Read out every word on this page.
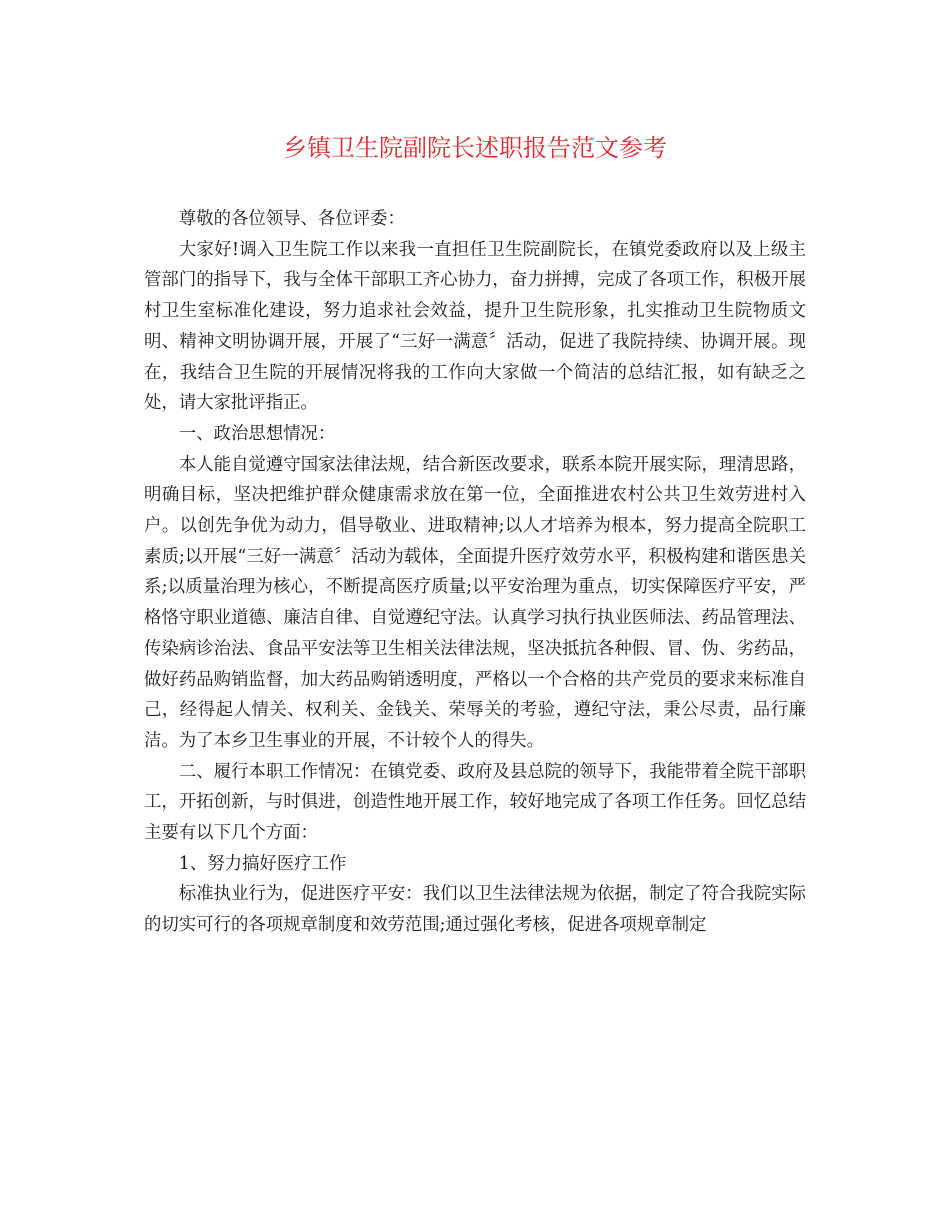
乡镇卫生院副院长述职报告范文参考

尊敬的各位领导、各位评委：

大家好!调入卫生院工作以来我一直担任卫生院副院长，在镇党委政府以及上级主管部门的指导下，我与全体干部职工齐心协力，奋力拼搏，完成了各项工作，积极开展村卫生室标准化建设，努力追求社会效益，提升卫生院形象，扎实推动卫生院物质文明、精神文明协调开展，开展了“三好一满意〞活动，促进了我院持续、协调开展。现在，我结合卫生院的开展情况将我的工作向大家做一个简洁的总结汇报，如有缺乏之处，请大家批评指正。

一、政治思想情况：

本人能自觉遵守国家法律法规，结合新医改要求，联系本院开展实际，理清思路，明确目标，坚决把维护群众健康需求放在第一位，全面推进农村公共卫生效劳进村入户。以创先争优为动力，倡导敬业、进取精神;以人才培养为根本，努力提高全院职工素质;以开展“三好一满意〞活动为载体，全面提升医疗效劳水平，积极构建和谐医患关系;以质量治理为核心，不断提高医疗质量;以平安治理为重点，切实保障医疗平安，严格恪守职业道德、廉洁自律、自觉遵纪守法。认真学习执行执业医师法、药品管理法、传染病诊治法、食品平安法等卫生相关法律法规，坚决抵抗各种假、冒、伪、劣药品，做好药品购销监督，加大药品购销透明度，严格以一个合格的共产党员的要求来标准自己，经得起人情关、权利关、金钱关、荣辱关的考验，遵纪守法，秉公尽责，品行廉洁。为了本乡卫生事业的开展，不计较个人的得失。

二、履行本职工作情况：在镇党委、政府及县总院的领导下，我能带着全院干部职工，开拓创新，与时俱进，创造性地开展工作，较好地完成了各项工作任务。回忆总结主要有以下几个方面：

1、努力搞好医疗工作

标准执业行为，促进医疗平安：我们以卫生法律法规为依据，制定了符合我院实际的切实可行的各项规章制度和效劳范围;通过强化考核，促进各项规章制定
